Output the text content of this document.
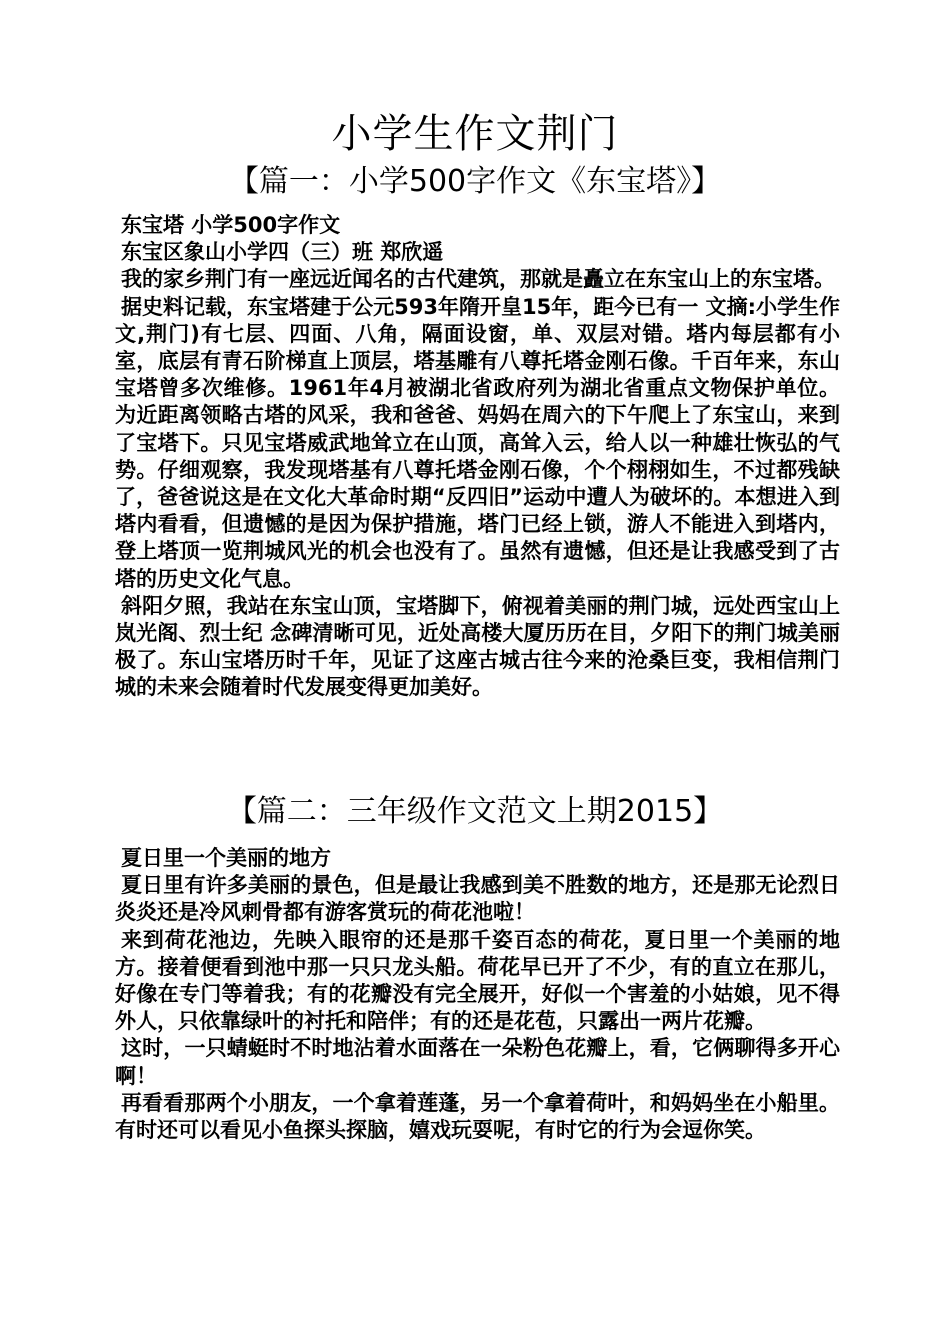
小学生作文荆门
【篇一：小学500字作文《东宝塔》】

东宝塔 小学500字作文

东宝区象山小学四（三）班 郑欣遥

我的家乡荆门有一座远近闻名的古代建筑，那就是矗立在东宝山上的东宝塔。

据史料记载，东宝塔建于公元593年隋开皇15年，距今已有一 文摘:小学生作文,荆门)有七层、四面、八角，隔面设窗，单、双层对错。塔内每层都有小室，底层有青石阶梯直上顶层，塔基雕有八尊托塔金刚石像。千百年来，东山宝塔曾多次维修。1961年4月被湖北省政府列为湖北省重点文物保护单位。 为近距离领略古塔的风采，我和爸爸、妈妈在周六的下午爬上了东宝山，来到了宝塔下。只见宝塔威武地耸立在山顶，高耸入云，给人以一种雄壮恢弘的气势。仔细观察，我发现塔基有八尊托塔金刚石像，个个栩栩如生，不过都残缺了，爸爸说这是在文化大革命时期“反四旧”运动中遭人为破坏的。本想进入到塔内看看，但遗憾的是因为保护措施，塔门已经上锁，游人不能进入到塔内，登上塔顶一览荆城风光的机会也没有了。虽然有遗憾，但还是让我感受到了古塔的历史文化气息。

斜阳夕照，我站在东宝山顶，宝塔脚下，俯视着美丽的荆门城，远处西宝山上岚光阁、烈士纪 念碑清晰可见，近处高楼大厦历历在目，夕阳下的荆门城美丽极了。东山宝塔历时千年，见证了这座古城古往今来的沧桑巨变，我相信荆门城的未来会随着时代发展变得更加美好。

【篇二：三年级作文范文上期2015】

夏日里一个美丽的地方

夏日里有许多美丽的景色，但是最让我感到美不胜数的地方，还是那无论烈日炎炎还是冷风刺骨都有游客赏玩的荷花池啦！

来到荷花池边，先映入眼帘的还是那千姿百态的荷花，夏日里一个美丽的地方。接着便看到池中那一只只龙头船。荷花早已开了不少，有的直立在那儿，好像在专门等着我；有的花瓣没有完全展开，好似一个害羞的小姑娘，见不得外人，只依靠绿叶的衬托和陪伴；有的还是花苞，只露出一两片花瓣。

这时，一只蜻蜓时不时地沾着水面落在一朵粉色花瓣上，看，它俩聊得多开心啊！

再看看那两个小朋友，一个拿着莲蓬，另一个拿着荷叶，和妈妈坐在小船里。有时还可以看见小鱼探头探脑，嬉戏玩耍呢，有时它的行为会逗你笑。
